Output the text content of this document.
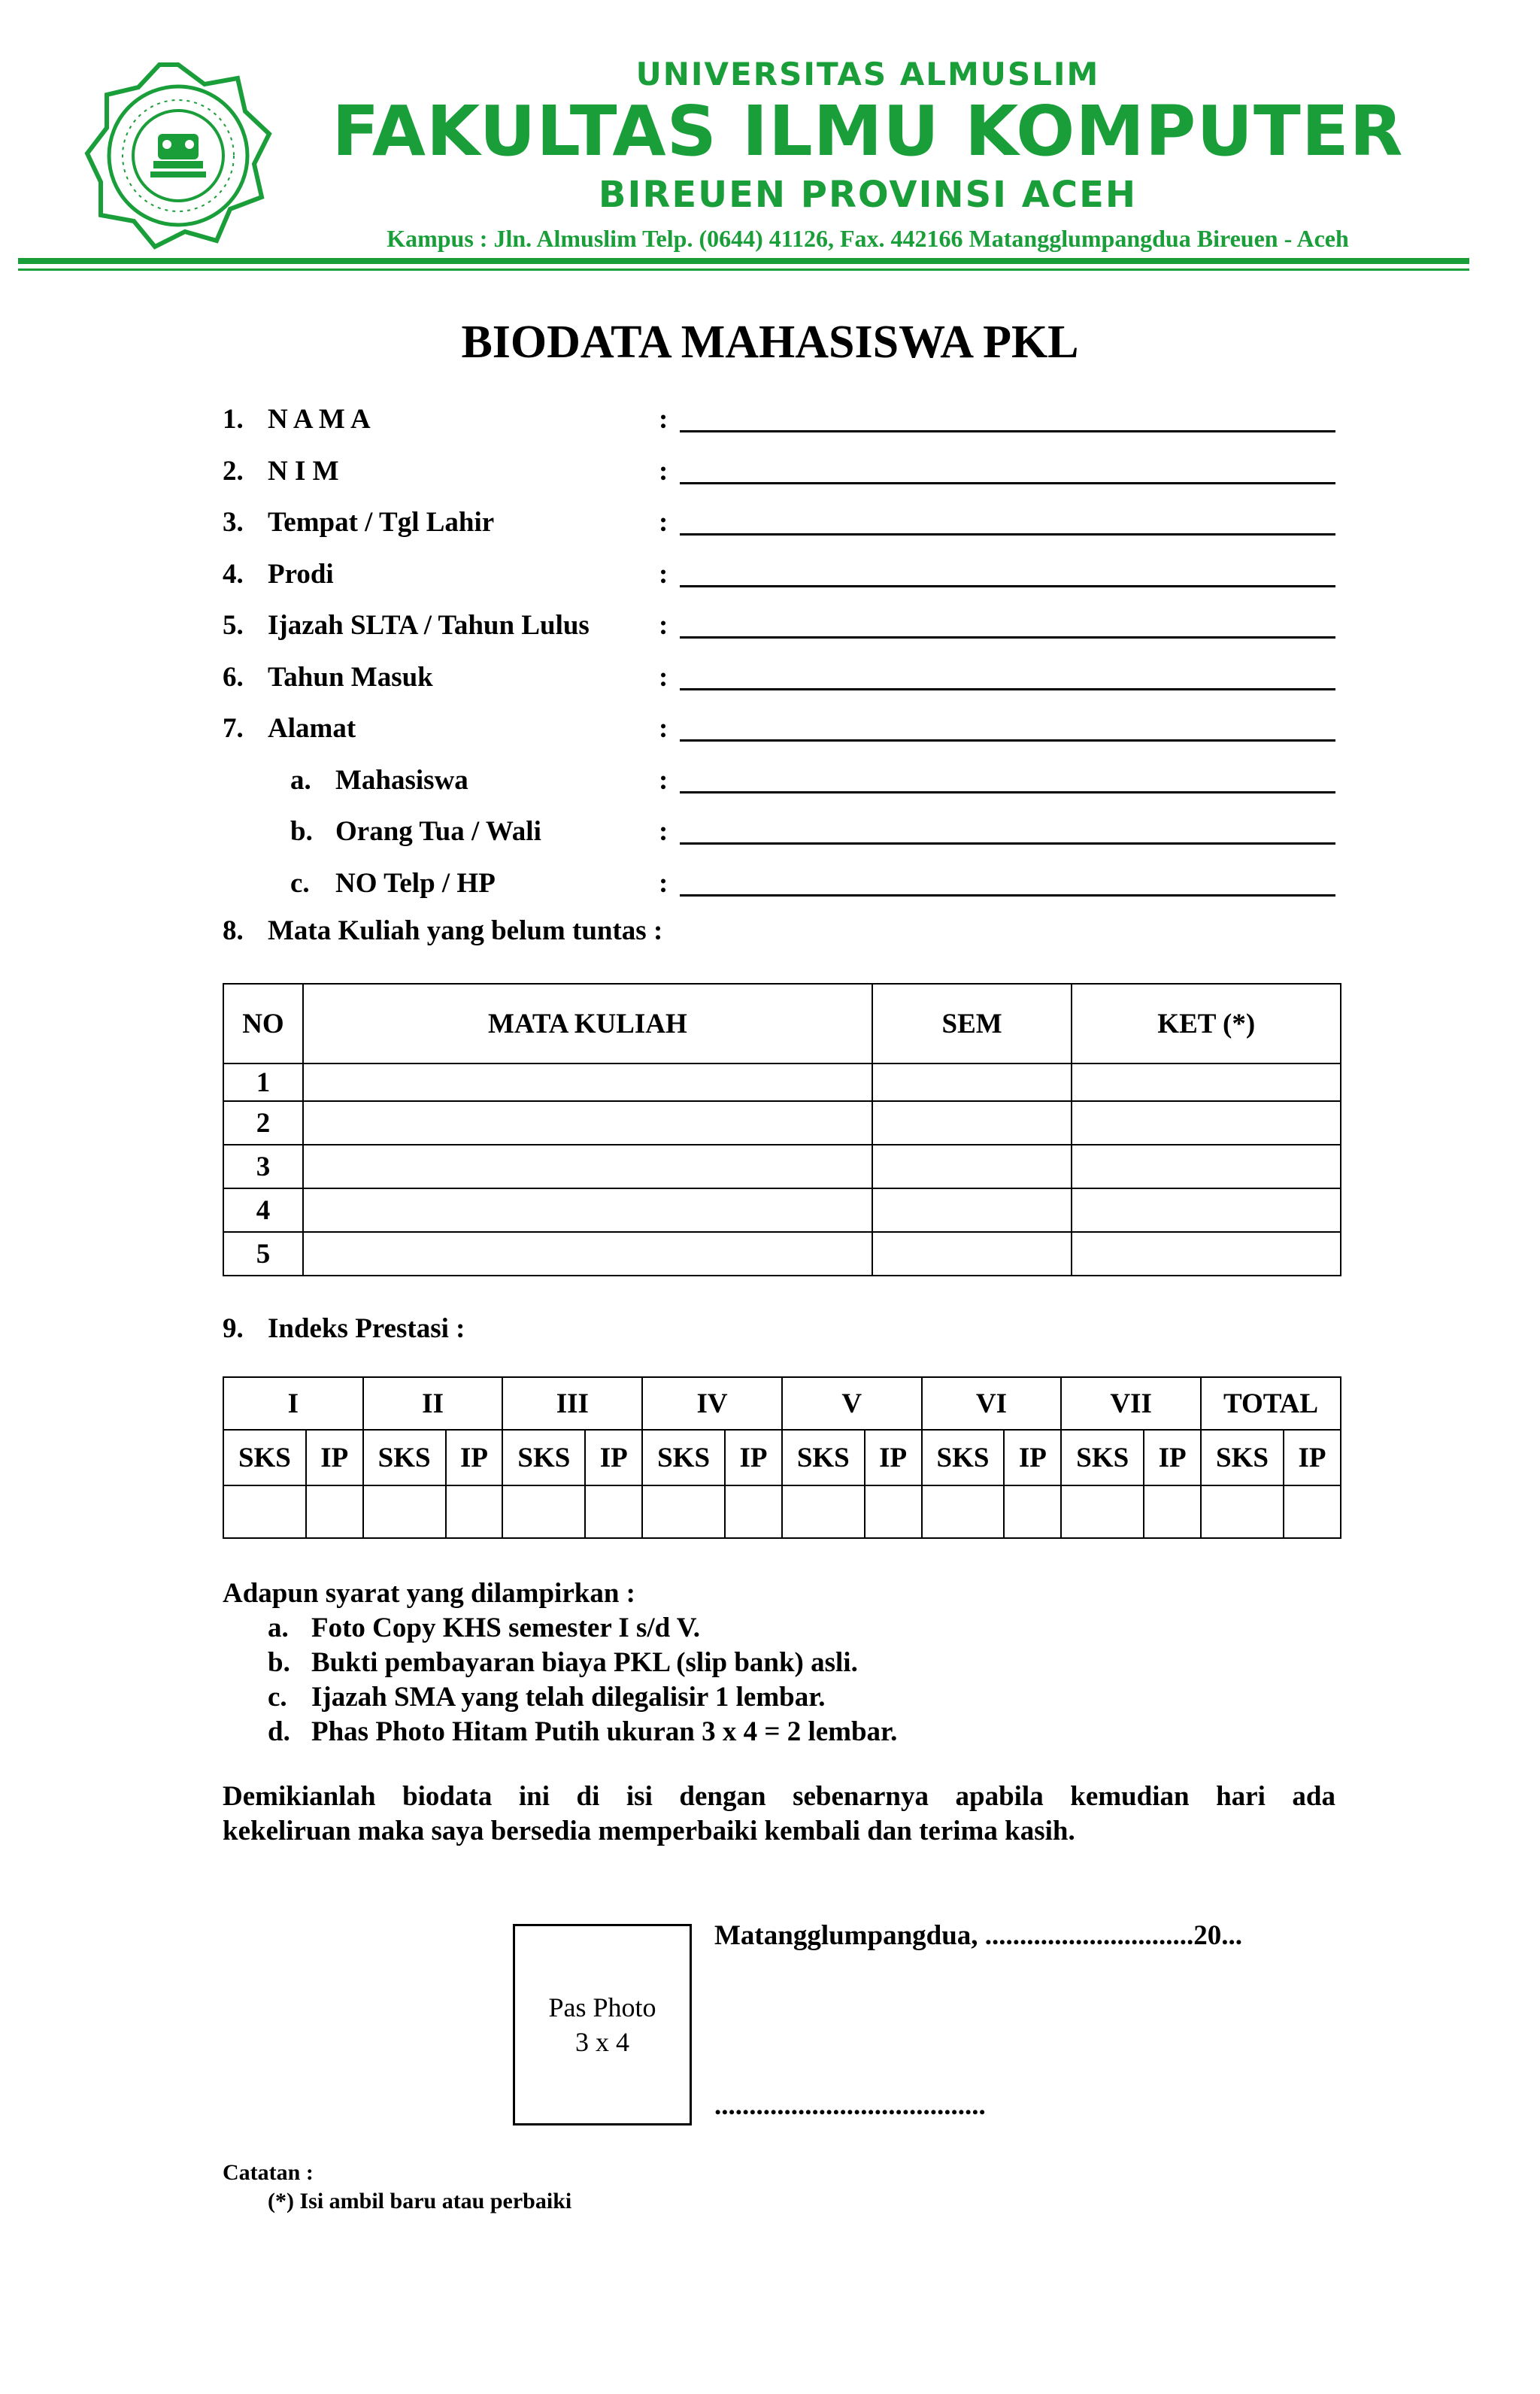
UNIVERSITAS ALMUSLIM
FAKULTAS ILMU KOMPUTER
BIREUEN PROVINSI ACEH
Kampus : Jln. Almuslim Telp. (0644) 41126, Fax. 442166 Matangglumpangdua Bireuen - Aceh
BIODATA MAHASISWA PKL
1. N A M A	:
2. N I M	:
3. Tempat / Tgl Lahir	:
4. Prodi	:
5. Ijazah SLTA / Tahun Lulus :
6. Tahun Masuk	:
7. Alamat	:
a. Mahasiswa	:
b. Orang Tua / Wali	:
c. NO Telp / HP	:
8. Mata Kuliah yang belum tuntas :
NO	MATA KULIAH	SEM	KET (*)
1			
2			
3			
4			
5			
9. Indeks Prestasi :
I		II		III		IV		V		VI		VII		TOTAL	
SKS	IP	SKS	IP	SKS	IP	SKS	IP	SKS	IP	SKS	IP	SKS	IP	SKS	IP

Adapun syarat yang dilampirkan :
a. Foto Copy KHS semester I s/d V.
b. Bukti pembayaran biaya PKL (slip bank) asli.
c. Ijazah SMA yang telah dilegalisir 1 lembar.
d. Phas Photo Hitam Putih ukuran 3 x 4 = 2 lembar.
Demikianlah biodata ini di isi dengan sebenarnya apabila kemudian hari ada
kekeliruan maka saya bersedia memperbaiki kembali dan terima kasih.
Pas Photo
3 x 4
Matangglumpangdua, ..............................20...
.......................................
Catatan :
(*) Isi ambil baru atau perbaiki
